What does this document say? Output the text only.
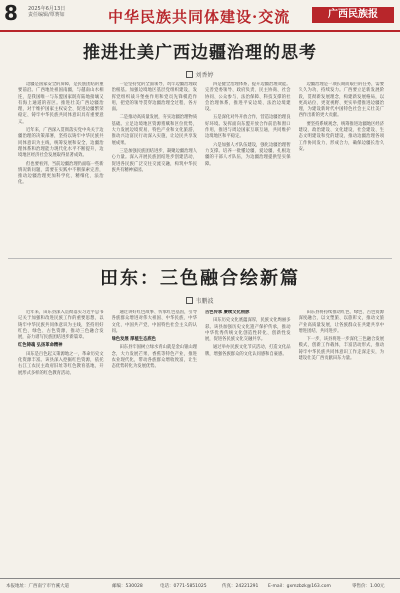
8 2025年6月13日
责任编辑/覃赛如	中华民族共同体建设·交流	广西民族报
推进壮美广西边疆治理的思考
刘香婷

边疆是国家安全的屏障，是民族团结的重要前沿。广西地处祖国南疆，与越南山水相连，是我国唯一与东盟国家既有陆地接壤又有海上通道的省区。推进壮美广西边疆治理，对于维护国家主权安全、促进边疆繁荣稳定、铸牢中华民族共同体意识具有重要意义。

近年来，广西深入贯彻落实党中央关于边疆治理的决策部署，坚持以铸牢中华民族共同体意识为主线，统筹发展和安全，边疆治理体系和治理能力现代化水平不断提升，边境地区经济社会发展取得显著成效。

但也要看到，当前边疆治理仍面临一些新情况新问题，需要在实践中不断探索完善，推动边疆治理更加科学化、精细化、法治化。

一是坚持党的全面领导，筑牢边疆治理政治根基。加强边境地区基层党组织建设，发挥党组织战斗堡垒作用和党员先锋模范作用，把党的领导贯穿边疆治理全过程、各方面。

二是推动高质量发展，夯实边疆治理物质基础。立足边境地区资源禀赋和区位优势，大力发展边境贸易、特色产业和文化旅游，推动兴边富民行动深入实施，让边民共享发展成果。

三是加强民族团结进步，凝聚边疆治理人心力量。深入开展民族团结进步创建活动，促进各民族广泛交往交流交融，构筑中华民族共有精神家园。

四是健全治理体系，提升边疆治理效能。完善党委领导、政府负责、民主协商、社会协同、公众参与、法治保障、科技支撑的社会治理体系，推进平安边境、法治边境建设。

五是深化对外开放合作，营造边疆治理良好环境。发挥面向东盟开放合作前沿和窗口作用，推进与周边国家互联互通，共同维护边境地区和平稳定。

六是加强人才队伍建设，强化边疆治理智力支撑。培养一批懂边疆、爱边疆、扎根边疆的干部人才队伍，为边疆治理提供坚实保障。

边疆治理是一项长期而艰巨的任务，需要久久为功、持续发力。广西要立足新发展阶段，贯彻新发展理念，构建新发展格局，以更高站位、更宽视野、更实举措推进边疆治理，为建设新时代中国特色社会主义壮美广西作出新的更大贡献。

要坚持系统观念，统筹推进边疆地区经济建设、政治建设、文化建设、社会建设、生态文明建设和党的建设，推动边疆治理各项工作协同发力、形成合力，确保边疆长治久安。

田东：三色融合绘新篇
韦鹏波

近年来，田东县深入贯彻落实习近平总书记关于加强和改进民族工作的重要思想，以铸牢中华民族共同体意识为主线，坚持用好红色、绿色、古色资源，推动三色融合发展，奋力谱写民族团结进步新篇章。

红色铸魂 弘扬革命精神

田东是百色起义策源地之一，革命历史文化资源丰富。该县深入挖掘红色资源，依托右江工农民主政府旧址等红色教育基地，开展形式多样的红色教育活动。

通过讲好红色故事、传承红色基因，引导各族群众增进对伟大祖国、中华民族、中华文化、中国共产党、中国特色社会主义的认同。

绿色发展 厚植生态底色

田东县牢固树立绿水青山就是金山银山理念，大力发展芒果、香蕉等特色产业，推进农业现代化，带动各族群众增收致富，让生态优势转化为发展优势。

古色传承 赓续文化根脉

田东历史文化底蕴深厚，民族文化绚丽多彩。该县加强历史文化遗产保护传承，推动中华优秀传统文化创造性转化、创新性发展，促进各民族文化交融共享。

通过举办民族文化节庆活动，打造文化品牌，增强各族群众的文化认同感和自豪感。

田东县将持续推动红色、绿色、古色资源深度融合，以文塑旅、以旅彰文，推动文旅产业高质量发展，让各族群众在共建共享中增进团结、共同进步。

下一步，该县将进一步深化三色融合发展模式，创新工作载体，丰富活动形式，推动铸牢中华民族共同体意识工作走深走实，为建设壮美广西贡献田东力量。

本报地址：广西南宁市竹溪大道	邮编：530028	电话：0771-5851025	传真：24221291 E-mail：gxmzbzk@163.com	零售价：1.00元
